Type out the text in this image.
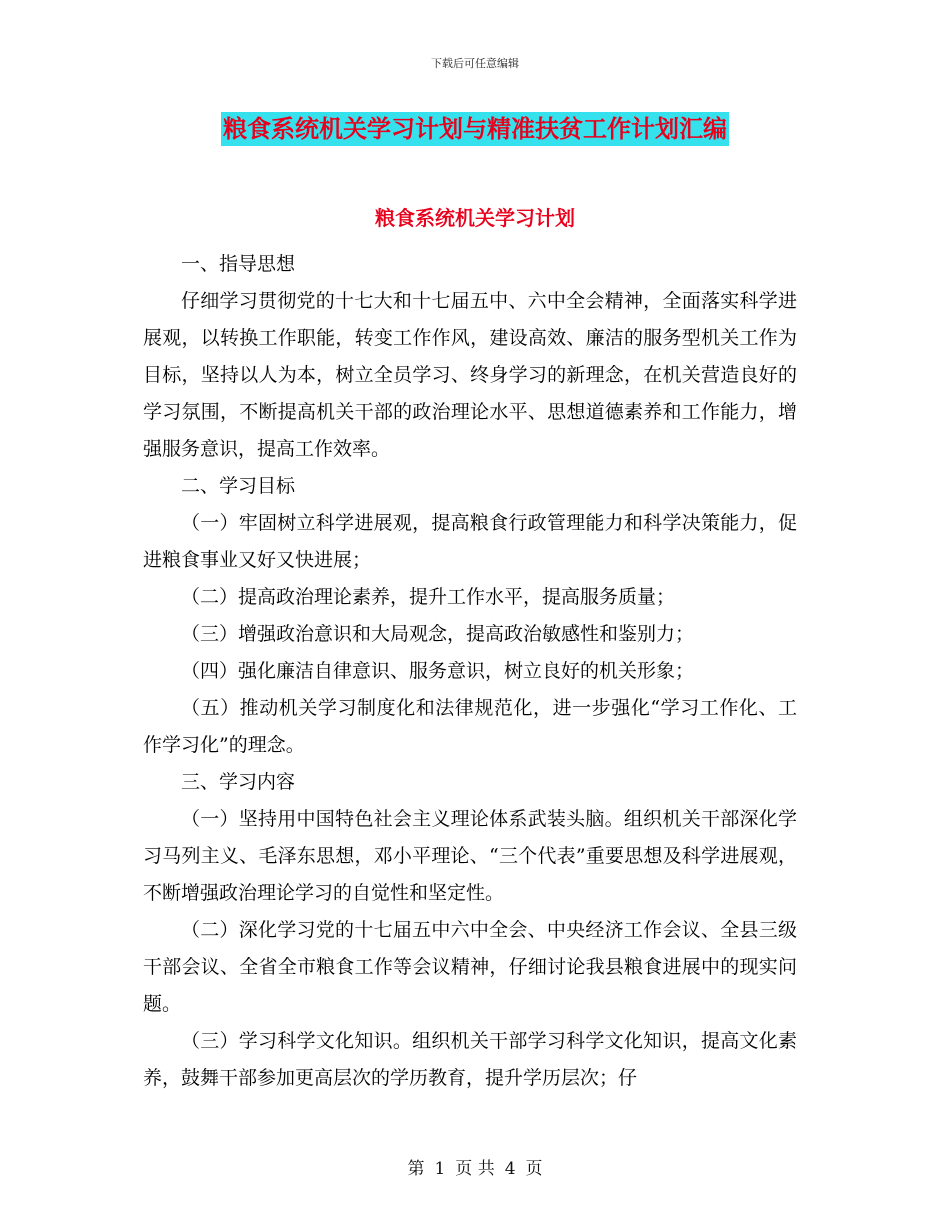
下载后可任意编辑
粮食系统机关学习计划与精准扶贫工作计划汇编
粮食系统机关学习计划

一、指导思想

仔细学习贯彻党的十七大和十七届五中、六中全会精神，全面落实科学进展观，以转换工作职能，转变工作作风，建设高效、廉洁的服务型机关工作为目标，坚持以人为本，树立全员学习、终身学习的新理念，在机关营造良好的学习氛围，不断提高机关干部的政治理论水平、思想道德素养和工作能力，增强服务意识，提高工作效率。

二、学习目标

（一）牢固树立科学进展观，提高粮食行政管理能力和科学决策能力，促进粮食事业又好又快进展；

（二）提高政治理论素养，提升工作水平，提高服务质量；

（三）增强政治意识和大局观念，提高政治敏感性和鉴别力；

（四）强化廉洁自律意识、服务意识，树立良好的机关形象；

（五）推动机关学习制度化和法律规范化，进一步强化“学习工作化、工作学习化”的理念。

三、学习内容

（一）坚持用中国特色社会主义理论体系武装头脑。组织机关干部深化学习马列主义、毛泽东思想，邓小平理论、“三个代表”重要思想及科学进展观，不断增强政治理论学习的自觉性和坚定性。

（二）深化学习党的十七届五中六中全会、中央经济工作会议、全县三级干部会议、全省全市粮食工作等会议精神，仔细讨论我县粮食进展中的现实问题。

（三）学习科学文化知识。组织机关干部学习科学文化知识，提高文化素养，鼓舞干部参加更高层次的学历教育，提升学历层次；仔

第 1 页 共 4 页
